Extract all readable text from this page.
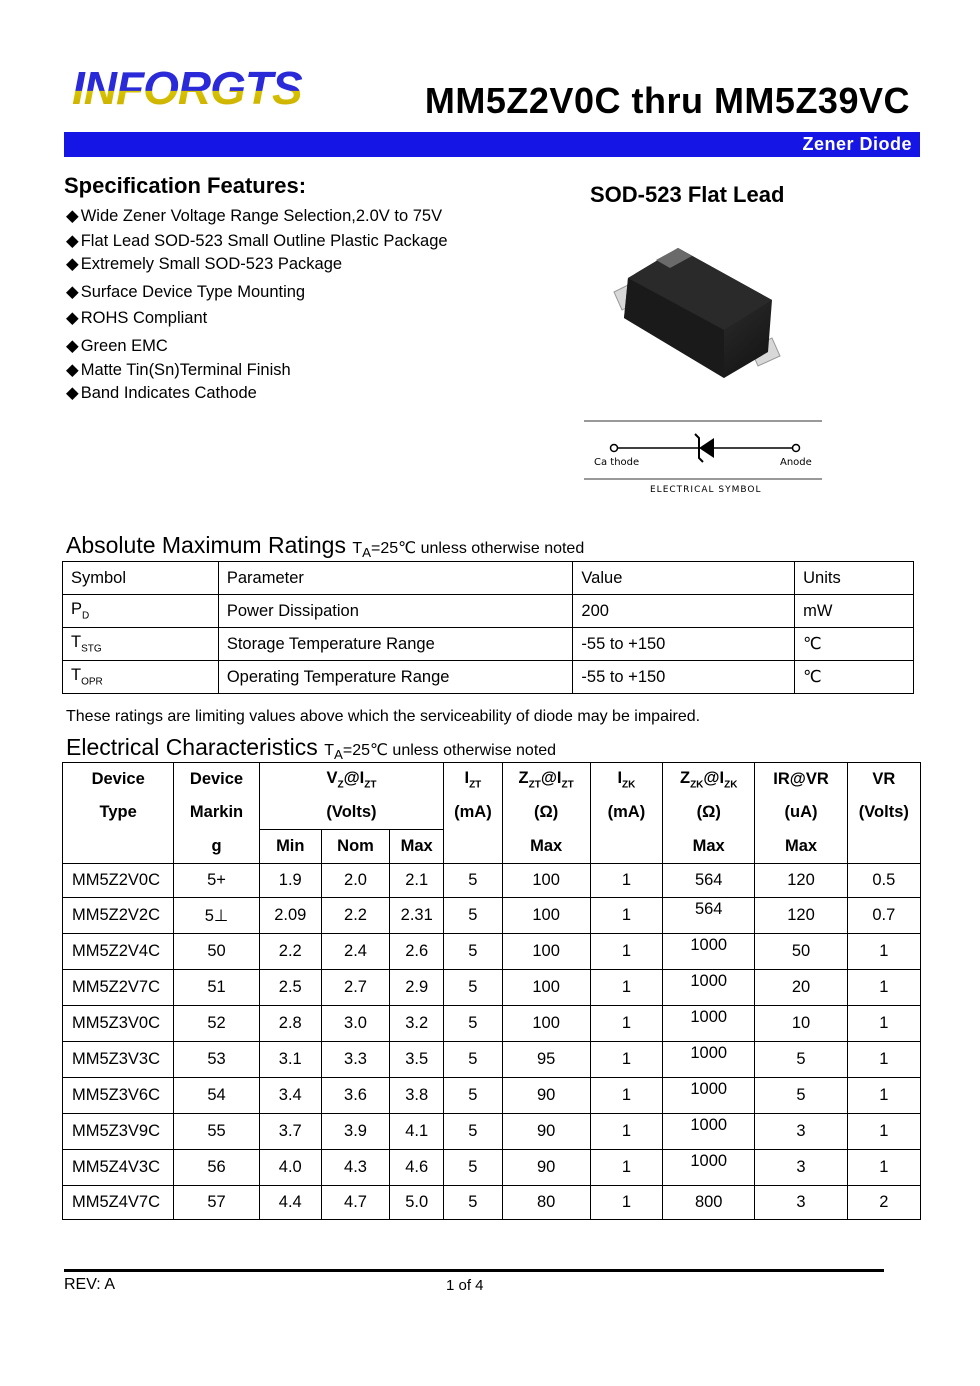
INFORGTS	MM5Z2V0C thru MM5Z39VC
Zener Diode
Specification Features:
◆ Wide Zener Voltage Range Selection,2.0V to 75V
◆ Flat Lead SOD-523 Small Outline Plastic Package
◆ Extremely Small SOD-523 Package
◆ Surface Device Type Mounting
◆ ROHS Compliant
◆ Green EMC
◆ Matte Tin(Sn)Terminal Finish
◆ Band Indicates Cathode
SOD-523 Flat Lead
Ca thode	Anode
ELECTRICAL SYMBOL
Absolute Maximum Ratings $T_A=25℃$ unless otherwise noted
Symbol	Parameter	Value	Units
$P_D$	Power Dissipation	200	mW
$T_{STG}$	Storage Temperature Range	-55 to +150	℃
$T_{OPR}$	Operating Temperature Range	-55 to +150	℃
These ratings are limiting values above which the serviceability of diode may be impaired.
Electrical Characteristics $T_A=25℃$ unless otherwise noted
Device	Device	$V_Z@I_{ZT}$			$I_{ZT}$	$Z_{ZT}@I_{ZT}$	$I_{ZK}$	$Z_{ZK}@I_{ZK}$	IR@VR	VR
Type	Markin	(Volts)			(mA)	(Ω)	(mA)	(Ω)	(uA)	(Volts)
	g	Min	Nom	Max		Max		Max	Max	
MM5Z2V0C	5+	1.9	2.0	2.1	5	100	1	564	120	0.5
MM5Z2V2C	5⊥	2.09	2.2	2.31	5	100	1	564	120	0.7
MM5Z2V4C	50	2.2	2.4	2.6	5	100	1	1000	50	1
MM5Z2V7C	51	2.5	2.7	2.9	5	100	1	1000	20	1
MM5Z3V0C	52	2.8	3.0	3.2	5	100	1	1000	10	1
MM5Z3V3C	53	3.1	3.3	3.5	5	95	1	1000	5	1
MM5Z3V6C	54	3.4	3.6	3.8	5	90	1	1000	5	1
MM5Z3V9C	55	3.7	3.9	4.1	5	90	1	1000	3	1
MM5Z4V3C	56	4.0	4.3	4.6	5	90	1	1000	3	1
MM5Z4V7C	57	4.4	4.7	5.0	5	80	1	800	3	2
REV: A	1 of 4
